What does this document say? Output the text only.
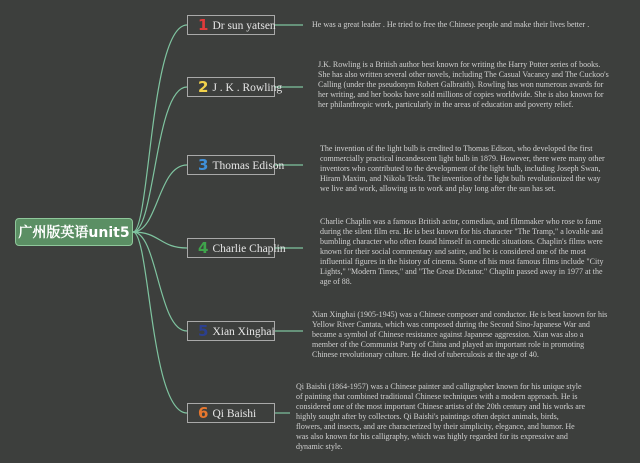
广州版英语unit5
1 Dr sun yatsen	He was a great leader . He tried to free the Chinese people and make their lives better .
2 J . K . Rowling
J.K. Rowling is a British author best known for writing the Harry Potter series of books. She has also written several other novels, including The Casual Vacancy and The Cuckoo's Calling (under the pseudonym Robert Galbraith). Rowling has won numerous awards for her writing, and her books have sold millions of copies worldwide. She is also known for her philanthropic work, particularly in the areas of education and poverty relief.
3 Thomas Edison
The invention of the light bulb is credited to Thomas Edison, who developed the first commercially practical incandescent light bulb in 1879. However, there were many other inventors who contributed to the development of the light bulb, including Joseph Swan, Hiram Maxim, and Nikola Tesla. The invention of the light bulb revolutionized the way we live and work, allowing us to work and play long after the sun has set.
4 Charlie Chaplin
Charlie Chaplin was a famous British actor, comedian, and filmmaker who rose to fame during the silent film era. He is best known for his character "The Tramp," a lovable and bumbling character who often found himself in comedic situations. Chaplin's films were known for their social commentary and satire, and he is considered one of the most influential figures in the history of cinema. Some of his most famous films include "City Lights," "Modern Times," and "The Great Dictator." Chaplin passed away in 1977 at the age of 88.
5 Xian Xinghai
Xian Xinghai (1905-1945) was a Chinese composer and conductor. He is best known for his Yellow River Cantata, which was composed during the Second Sino-Japanese War and became a symbol of Chinese resistance against Japanese aggression. Xian was also a member of the Communist Party of China and played an important role in promoting Chinese revolutionary culture. He died of tuberculosis at the age of 40.
6 Qi Baishi
Qi Baishi (1864-1957) was a Chinese painter and calligrapher known for his unique style of painting that combined traditional Chinese techniques with a modern approach. He is considered one of the most important Chinese artists of the 20th century and his works are highly sought after by collectors. Qi Baishi's paintings often depict animals, birds, flowers, and insects, and are characterized by their simplicity, elegance, and humor. He was also known for his calligraphy, which was highly regarded for its expressive and dynamic style.
